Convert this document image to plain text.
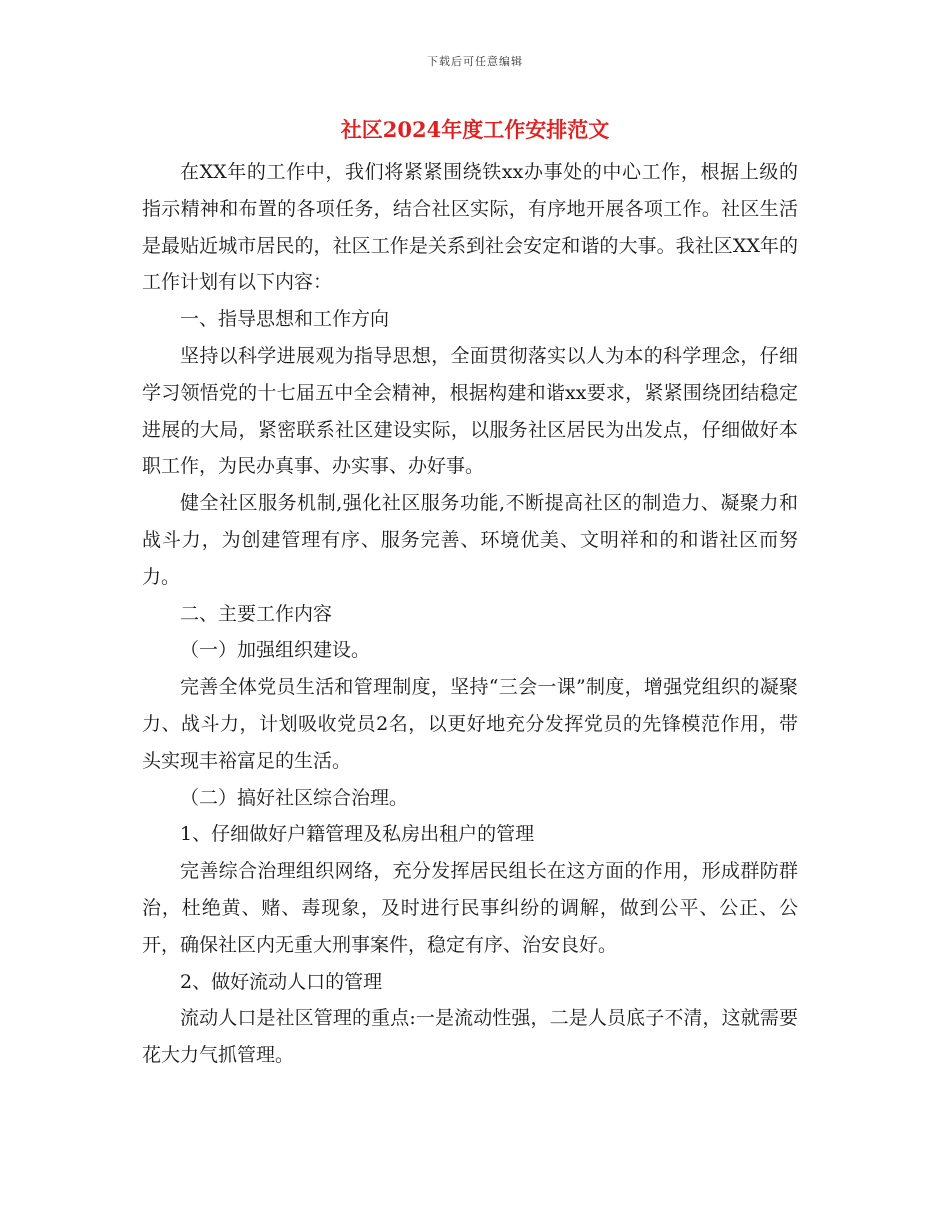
下载后可任意编辑
社区2024年度工作安排范文

在XX年的工作中，我们将紧紧围绕铁xx办事处的中心工作，根据上级的指示精神和布置的各项任务，结合社区实际，有序地开展各项工作。社区生活是最贴近城市居民的，社区工作是关系到社会安定和谐的大事。我社区XX年的工作计划有以下内容：

一、指导思想和工作方向

坚持以科学进展观为指导思想，全面贯彻落实以人为本的科学理念，仔细学习领悟党的十七届五中全会精神，根据构建和谐xx要求，紧紧围绕团结稳定进展的大局，紧密联系社区建设实际，以服务社区居民为出发点，仔细做好本职工作，为民办真事、办实事、办好事。

健全社区服务机制,强化社区服务功能,不断提高社区的制造力、凝聚力和战斗力，为创建管理有序、服务完善、环境优美、文明祥和的和谐社区而努力。

二、主要工作内容

（一）加强组织建设。

完善全体党员生活和管理制度，坚持“三会一课”制度，增强党组织的凝聚力、战斗力，计划吸收党员2名，以更好地充分发挥党员的先锋模范作用，带头实现丰裕富足的生活。

（二）搞好社区综合治理。

1、仔细做好户籍管理及私房出租户的管理

完善综合治理组织网络，充分发挥居民组长在这方面的作用，形成群防群治，杜绝黄、赌、毒现象，及时进行民事纠纷的调解，做到公平、公正、公开，确保社区内无重大刑事案件，稳定有序、治安良好。

2、做好流动人口的管理

流动人口是社区管理的重点:一是流动性强，二是人员底子不清，这就需要花大力气抓管理。
